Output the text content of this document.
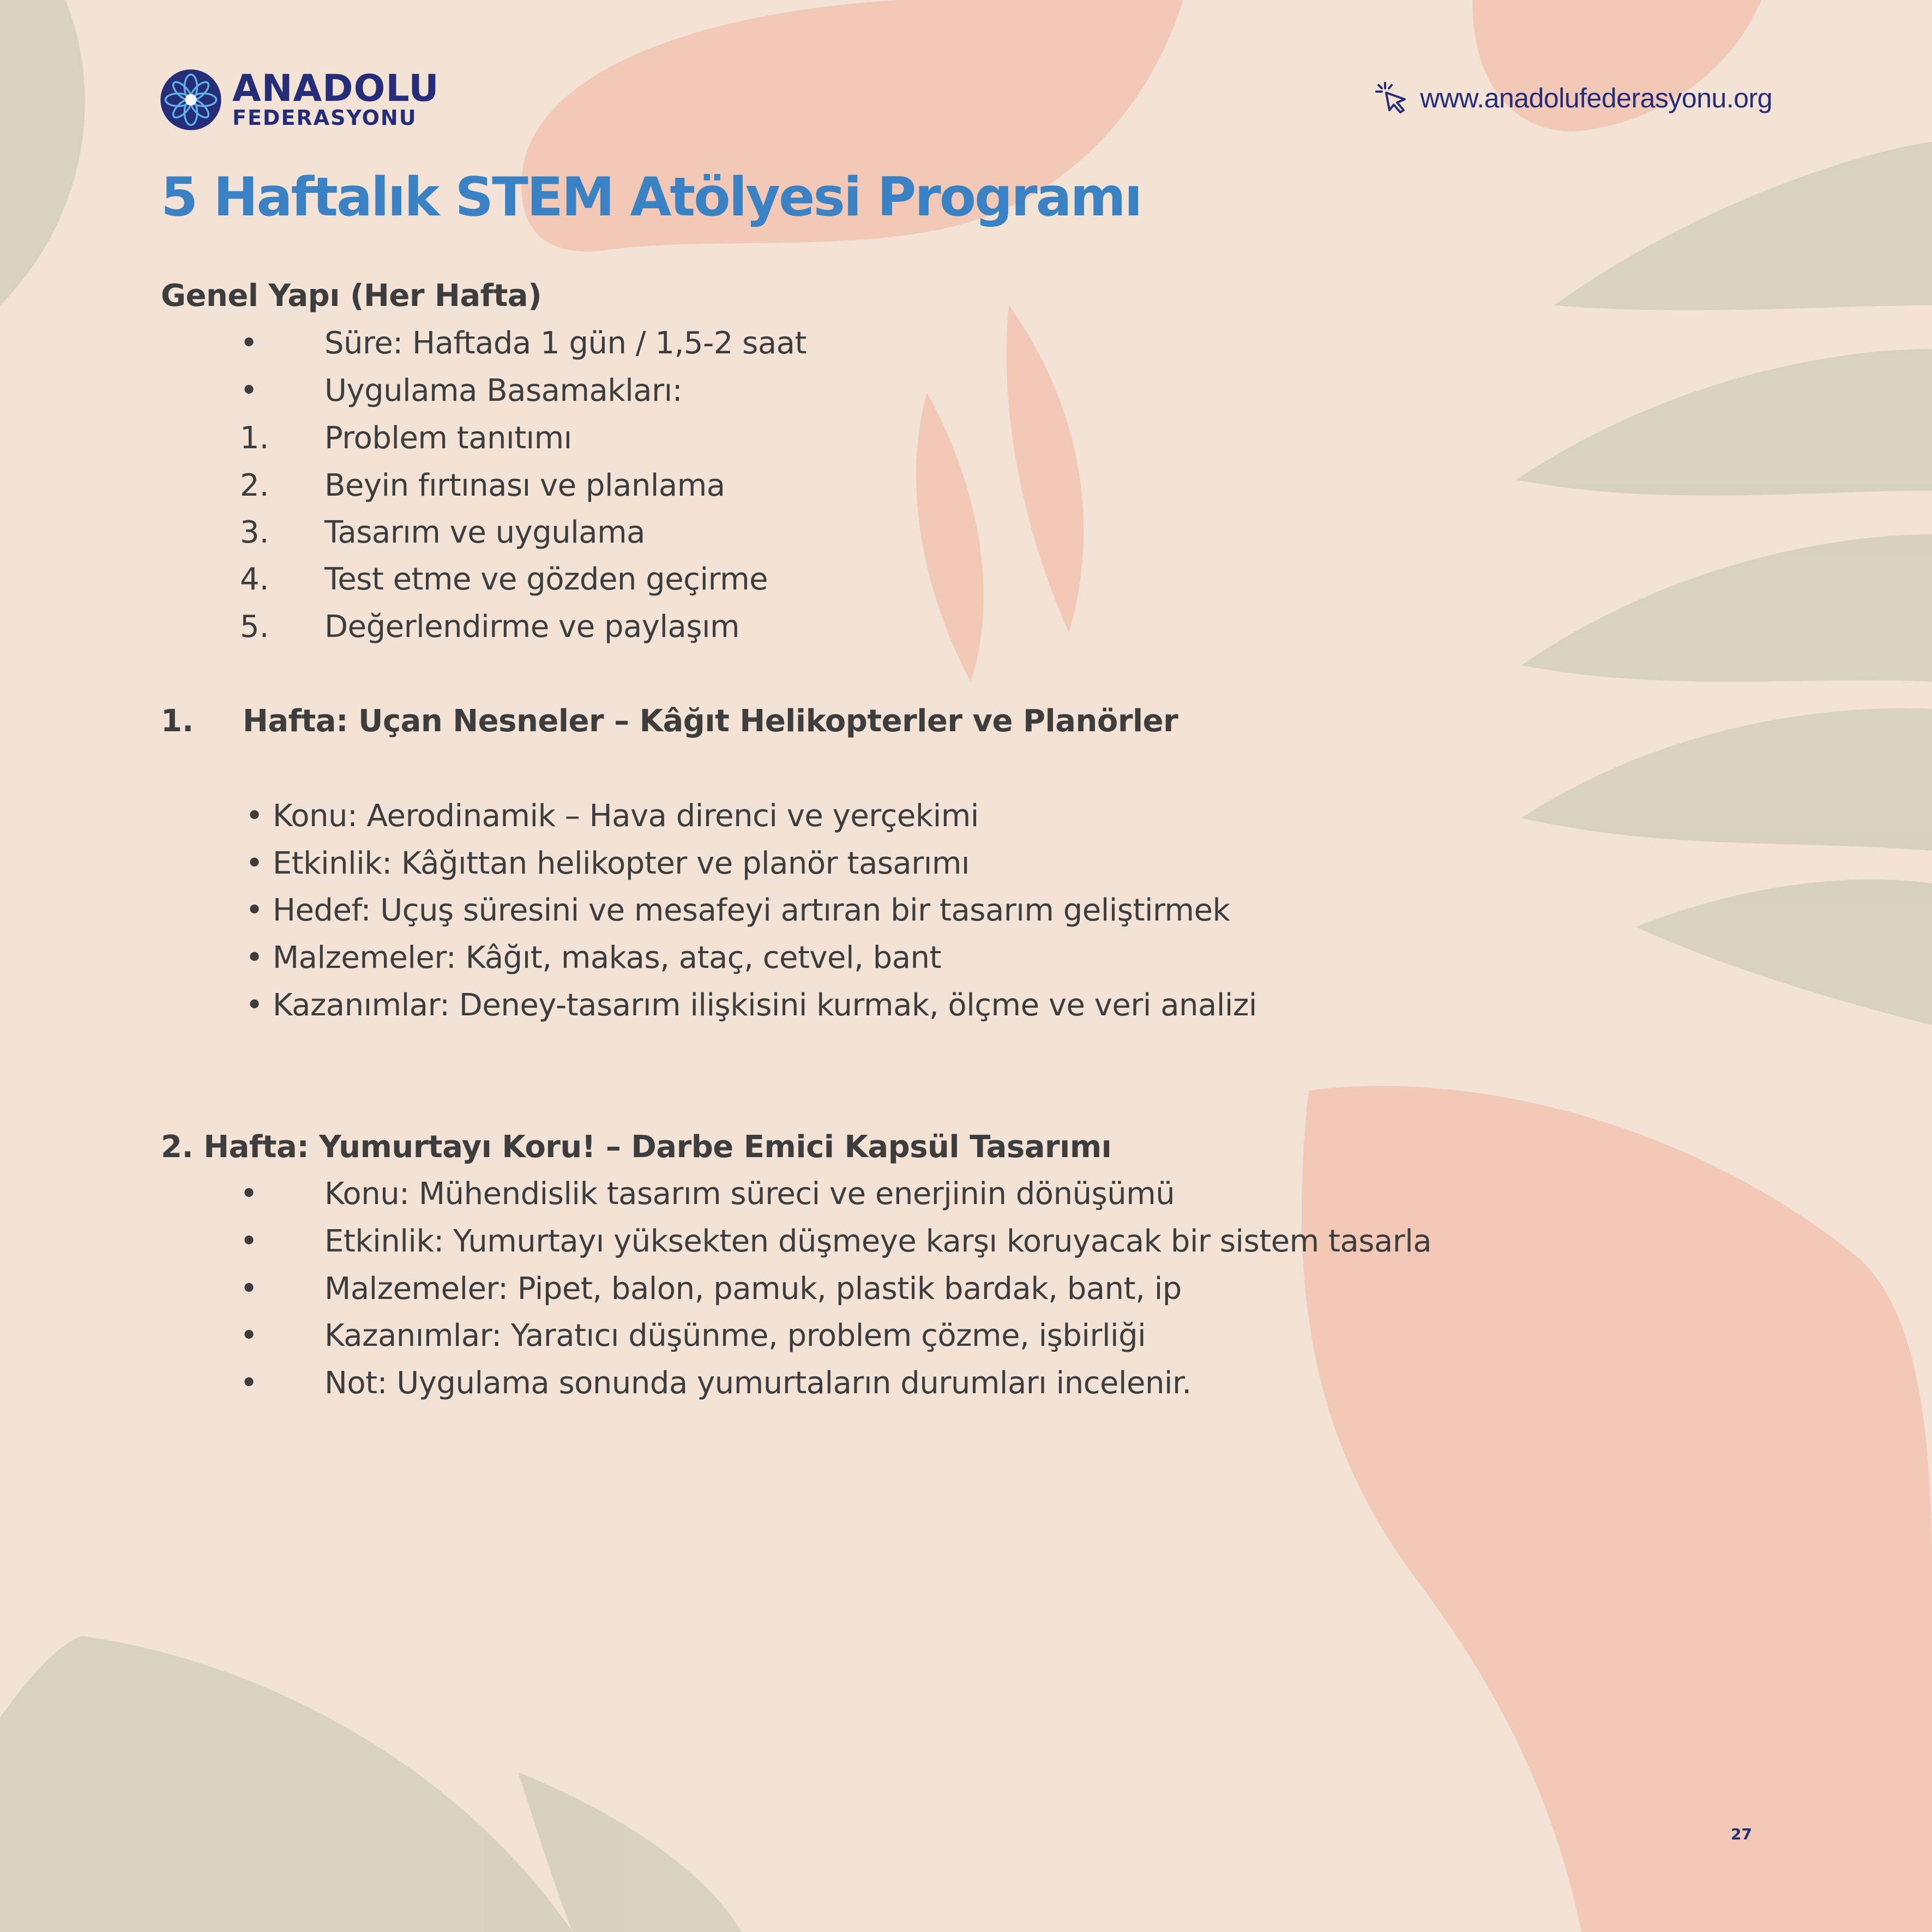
ANADOLU
FEDERASYONU
www.anadolufederasyonu.org
5 Haftalık STEM Atölyesi Programı
Genel Yapı (Her Hafta)
• Süre: Haftada 1 gün / 1,5-2 saat
• Uygulama Basamakları:
1. Problem tanıtımı
2. Beyin fırtınası ve planlama
3. Tasarım ve uygulama
4. Test etme ve gözden geçirme
5. Değerlendirme ve paylaşım
1. Hafta: Uçan Nesneler – Kâğıt Helikopterler ve Planörler
• Konu: Aerodinamik – Hava direnci ve yerçekimi
• Etkinlik: Kâğıttan helikopter ve planör tasarımı
• Hedef: Uçuş süresini ve mesafeyi artıran bir tasarım geliştirmek
• Malzemeler: Kâğıt, makas, ataç, cetvel, bant
• Kazanımlar: Deney-tasarım ilişkisini kurmak, ölçme ve veri analizi
2. Hafta: Yumurtayı Koru! – Darbe Emici Kapsül Tasarımı
• Konu: Mühendislik tasarım süreci ve enerjinin dönüşümü
• Etkinlik: Yumurtayı yüksekten düşmeye karşı koruyacak bir sistem tasarla
• Malzemeler: Pipet, balon, pamuk, plastik bardak, bant, ip
• Kazanımlar: Yaratıcı düşünme, problem çözme, işbirliği
• Not: Uygulama sonunda yumurtaların durumları incelenir.
27
